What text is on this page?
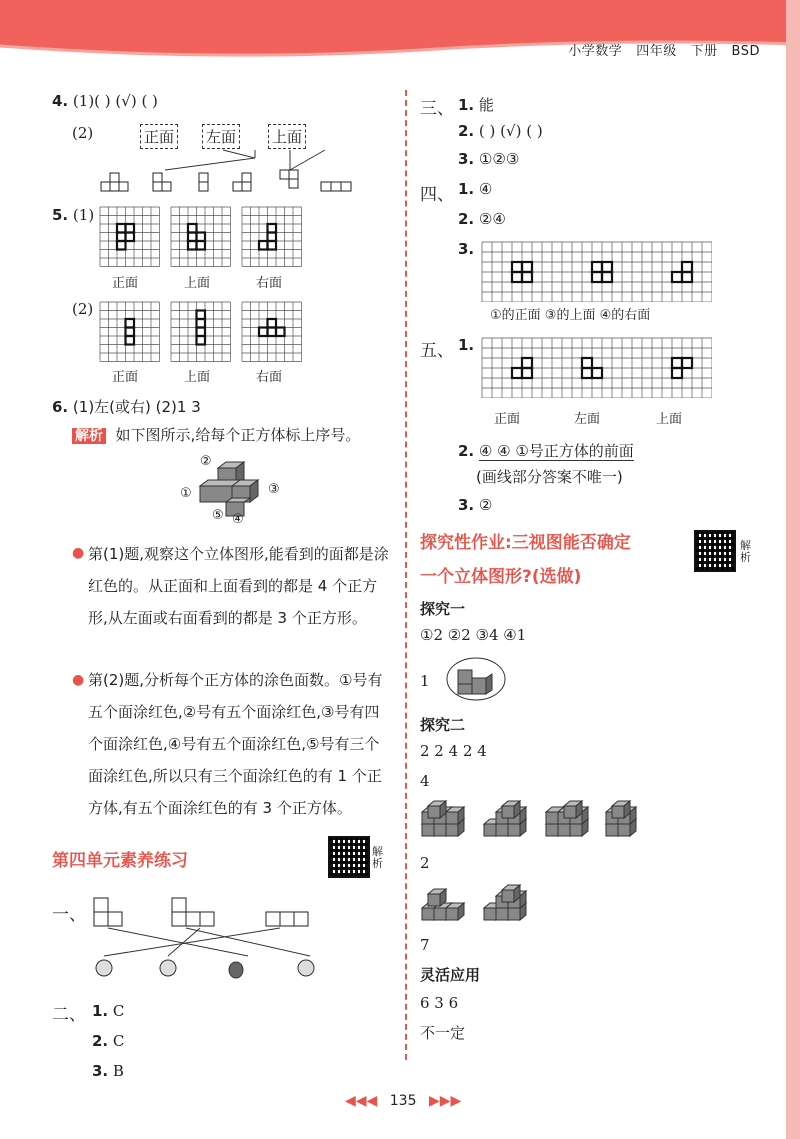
小学数学 四年级 下册 BSD
4. (1)( ) (√) ( )
(2)	正面 左面 上面
5. (1)
正面	上面	右面
(2)
正面	上面	右面
6. (1)左(或右) (2)1 3
解析 如下图所示,给每个正方体标上序号。
②
①	③
⑤ ④
● 第(1)题,观察这个立体图形,能看到的面都是涂红色的。从正面和上面看到的都是 4 个正方形,从左面或右面看到的都是 3 个正方形。
● 第(2)题,分析每个正方体的涂色面数。①号有五个面涂红色,②号有五个面涂红色,③号有四个面涂红色,④号有五个面涂红色,⑤号有三个面涂红色,所以只有三个面涂红色的有 1 个正方体,有五个面涂红色的有 3 个正方体。
第四单元素养练习	解析
一、
二、 1. C
2. C
3. B
三、 1. 能
2. ( ) (√) ( )
3. ①②③
四、 1. ④
2. ②④
3.
①的正面 ③的上面 ④的右面
五、 1.
正面	左面	上面
2. ④ ④ ①号正方体的前面
(画线部分答案不唯一)
3. ②
探究性作业:三视图能否确定
一个立体图形?(选做)
解析
探究一
①2 ②2 ③4 ④1
1
探究二
2 2 4 2 4
4
2
7
灵活应用
6 3 6
不一定
◀◀◀ 135 ▶▶▶
